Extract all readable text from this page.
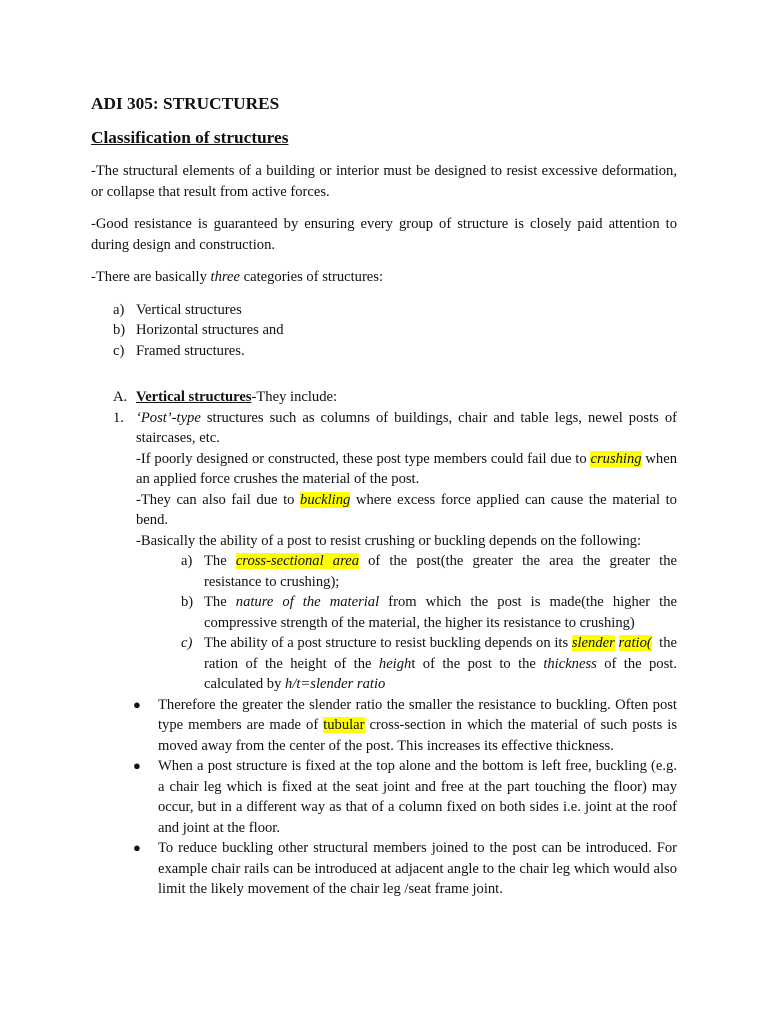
ADI 305: STRUCTURES
Classification of structures

-The structural elements of a building or interior must be designed to resist excessive deformation, or collapse that result from active forces.

-Good resistance is guaranteed by ensuring every group of structure is closely paid attention to during design and construction.

-There are basically three categories of structures:

a) Vertical structures
b) Horizontal structures and
c) Framed structures.
A. Vertical structures-They include:
1. ‘Post’-type structures such as columns of buildings, chair and table legs, newel posts of staircases, etc.
-If poorly designed or constructed, these post type members could fail due to crushing when an applied force crushes the material of the post.
-They can also fail due to buckling where excess force applied can cause the material to bend.
-Basically the ability of a post to resist crushing or buckling depends on the following:
a) The cross-sectional area of the post(the greater the area the greater the resistance to crushing);
b) The nature of the material from which the post is made(the higher the compressive strength of the material, the higher its resistance to crushing)
c) The ability of a post structure to resist buckling depends on its slender ratio(  the ration of the height of the height of the post to the thickness of the post. calculated by h/t=slender ratio
● Therefore the greater the slender ratio the smaller the resistance to buckling. Often post type members are made of tubular cross-section in which the material of such posts is moved away from the center of the post. This increases its effective thickness.
● When a post structure is fixed at the top alone and the bottom is left free, buckling (e.g. a chair leg which is fixed at the seat joint and free at the part touching the floor) may occur, but in a different way as that of a column fixed on both sides i.e. joint at the roof and joint at the floor.
● To reduce buckling other structural members joined to the post can be introduced. For example chair rails can be introduced at adjacent angle to the chair leg which would also limit the likely movement of the chair leg /seat frame joint.
